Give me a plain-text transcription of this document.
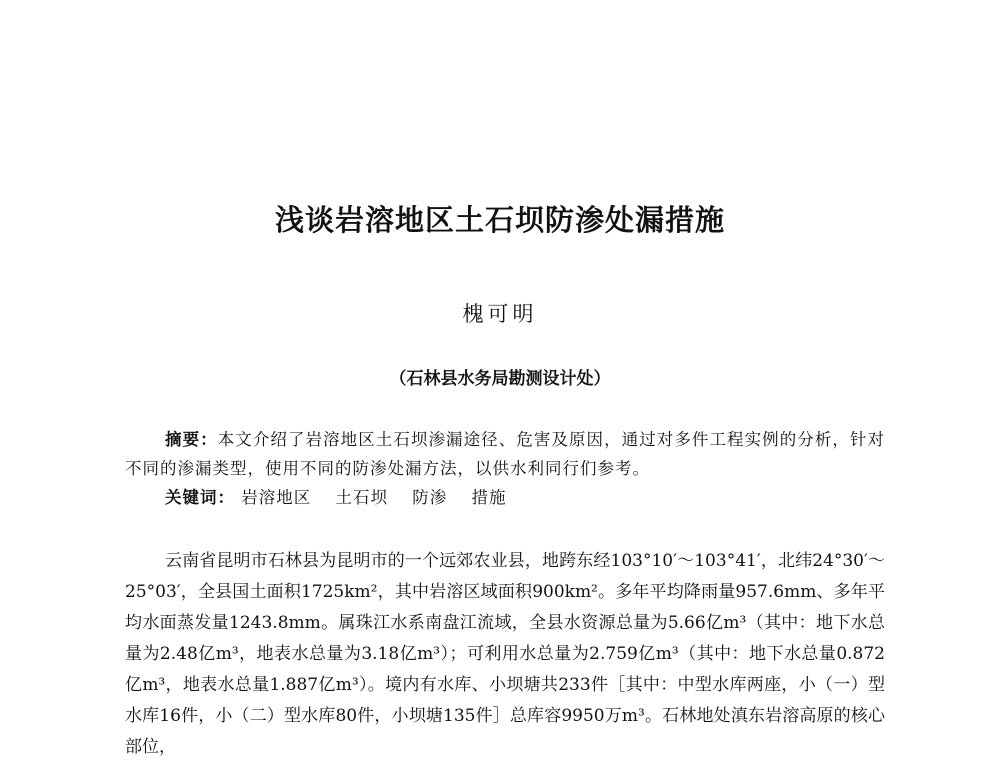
浅谈岩溶地区土石坝防渗处漏措施
槐可明
（石林县水务局勘测设计处）
摘要：本文介绍了岩溶地区土石坝渗漏途径、危害及原因，通过对多件工程实例的分析，针对不同的渗漏类型，使用不同的防渗处漏方法，以供水利同行们参考。
关键词： 岩溶地区 土石坝 防渗 措施
云南省昆明市石林县为昆明市的一个远郊农业县，地跨东经103°10′～103°41′，北纬24°30′～25°03′，全县国土面积1725km²，其中岩溶区域面积900km²。多年平均降雨量957.6mm、多年平均水面蒸发量1243.8mm。属珠江水系南盘江流域，全县水资源总量为5.66亿m³（其中：地下水总量为2.48亿m³，地表水总量为3.18亿m³）；可利用水总量为2.759亿m³（其中：地下水总量0.872亿m³，地表水总量1.887亿m³）。境内有水库、小坝塘共233件［其中：中型水库两座，小（一）型水库16件，小（二）型水库80件，小坝塘135件］总库容9950万m³。石林地处滇东岩溶高原的核心部位，
